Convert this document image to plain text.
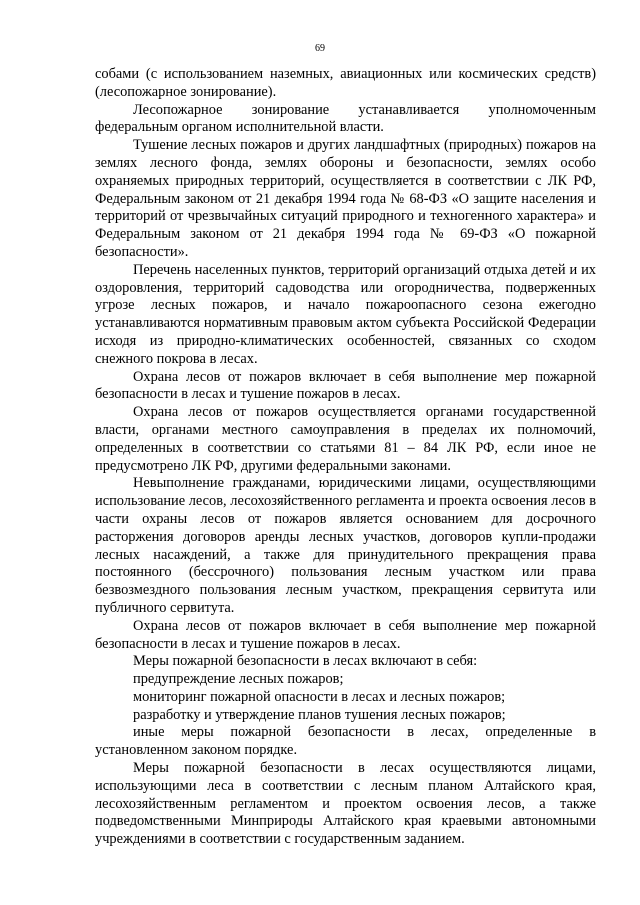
69

собами (с использованием наземных, авиационных или космических средств) (лесопожарное зонирование).

Лесопожарное зонирование устанавливается уполномоченным федеральным органом исполнительной власти.

Тушение лесных пожаров и других ландшафтных (природных) пожаров на землях лесного фонда, землях обороны и безопасности, землях особо охраняемых природных территорий, осуществляется в соответствии с ЛК РФ, Федеральным законом от 21 декабря 1994 года № 68-ФЗ «О защите населения и территорий от чрезвычайных ситуаций природного и техногенного характера» и Федеральным законом от 21 декабря 1994 года № 69-ФЗ «О пожарной безопасности».

Перечень населенных пунктов, территорий организаций отдыха детей и их оздоровления, территорий садоводства или огородничества, подверженных угрозе лесных пожаров, и начало пожароопасного сезона ежегодно устанавливаются нормативным правовым актом субъекта Российской Федерации исходя из природно-климатических особенностей, связанных со сходом снежного покрова в лесах.

Охрана лесов от пожаров включает в себя выполнение мер пожарной безопасности в лесах и тушение пожаров в лесах.

Охрана лесов от пожаров осуществляется органами государственной власти, органами местного самоуправления в пределах их полномочий, определенных в соответствии со статьями 81 – 84 ЛК РФ, если иное не предусмотрено ЛК РФ, другими федеральными законами.

Невыполнение гражданами, юридическими лицами, осуществляющими использование лесов, лесохозяйственного регламента и проекта освоения лесов в части охраны лесов от пожаров является основанием для досрочного расторжения договоров аренды лесных участков, договоров купли-продажи лесных насаждений, а также для принудительного прекращения права постоянного (бессрочного) пользования лесным участком или права безвозмездного пользования лесным участком, прекращения сервитута или публичного сервитута.

Охрана лесов от пожаров включает в себя выполнение мер пожарной безопасности в лесах и тушение пожаров в лесах.

Меры пожарной безопасности в лесах включают в себя:

предупреждение лесных пожаров;

мониторинг пожарной опасности в лесах и лесных пожаров;

разработку и утверждение планов тушения лесных пожаров;

иные меры пожарной безопасности в лесах, определенные в установленном законом порядке.

Меры пожарной безопасности в лесах осуществляются лицами, использующими леса в соответствии с лесным планом Алтайского края, лесохозяйственным регламентом и проектом освоения лесов, а также подведомственными Минприроды Алтайского края краевыми автономными учреждениями в соответствии с государственным заданием.
